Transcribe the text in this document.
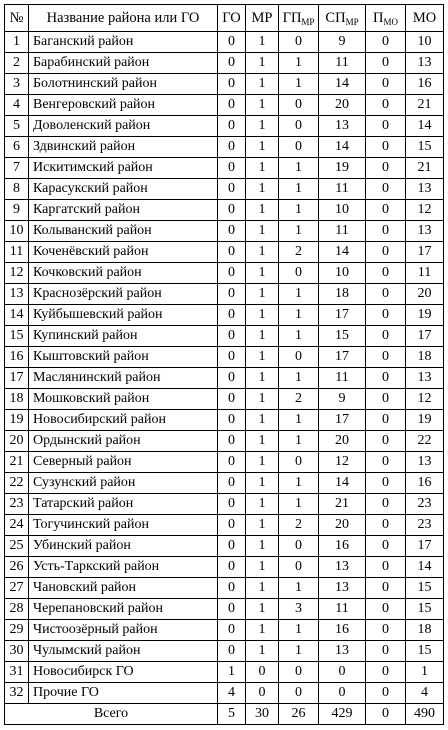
№	Название района или ГО	ГО	МР	$ГП_{МР}$	$СП_{МР}$	$П_{МО}$	МО
1	Баганский район	0	1	0	9	0	10
2	Барабинский район	0	1	1	11	0	13
3	Болотнинский район	0	1	1	14	0	16
4	Венгеровский район	0	1	0	20	0	21
5	Доволенский район	0	1	0	13	0	14
6	Здвинский район	0	1	0	14	0	15
7	Искитимский район	0	1	1	19	0	21
8	Карасукский район	0	1	1	11	0	13
9	Каргатский район	0	1	1	10	0	12
10	Колыванский район	0	1	1	11	0	13
11	Коченёвский район	0	1	2	14	0	17
12	Кочковский район	0	1	0	10	0	11
13	Краснозёрский район	0	1	1	18	0	20
14	Куйбышевский район	0	1	1	17	0	19
15	Купинский район	0	1	1	15	0	17
16	Кыштовский район	0	1	0	17	0	18
17	Маслянинский район	0	1	1	11	0	13
18	Мошковский район	0	1	2	9	0	12
19	Новосибирский район	0	1	1	17	0	19
20	Ордынский район	0	1	1	20	0	22
21	Северный район	0	1	0	12	0	13
22	Сузунский район	0	1	1	14	0	16
23	Татарский район	0	1	1	21	0	23
24	Тогучинский район	0	1	2	20	0	23
25	Убинский район	0	1	0	16	0	17
26	Усть-Таркский район	0	1	0	13	0	14
27	Чановский район	0	1	1	13	0	15
28	Черепановский район	0	1	3	11	0	15
29	Чистоозёрный район	0	1	1	16	0	18
30	Чулымский район	0	1	1	13	0	15
31	Новосибирск ГО	1	0	0	0	0	1
32	Прочие ГО	4	0	0	0	0	4
Всего		5	30	26	429	0	490
